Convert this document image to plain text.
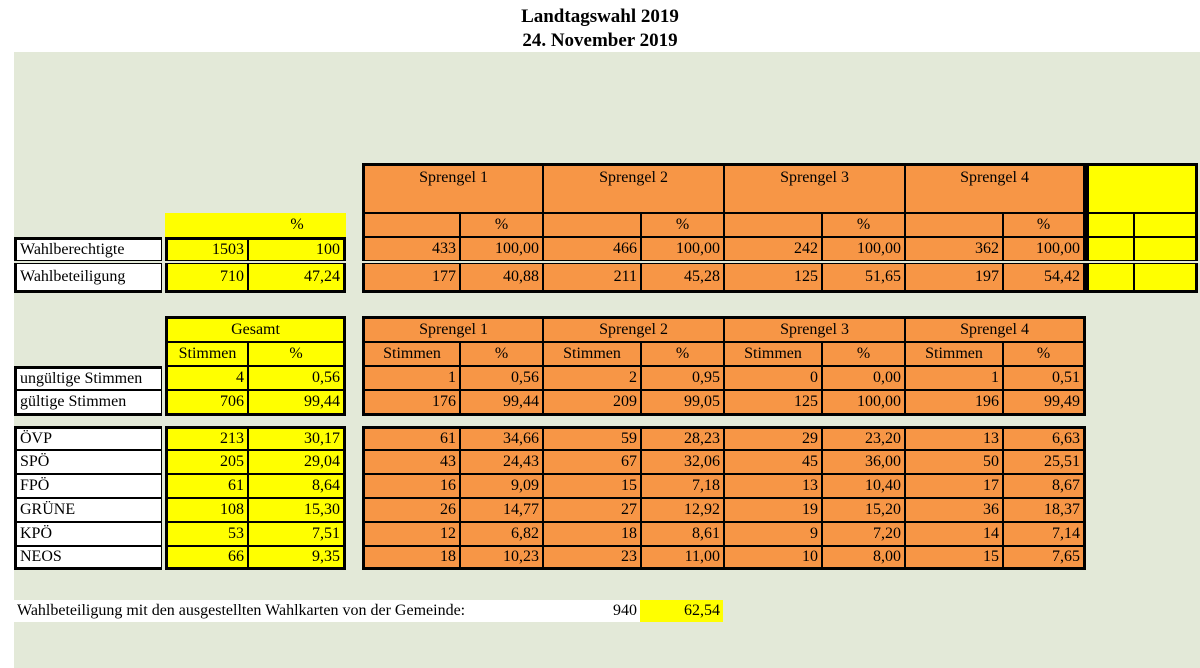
Landtagswahl 2019
24. November 2019
Sprengel 1	Sprengel 2	Sprengel 3	Sprengel 4
%	%	%	%	%
Wahlberechtigte	1503	100	433	100,00	466	100,00	242	100,00	362	100,00
Wahlbeteiligung	710	47,24	177	40,88	211	45,28	125	51,65	197	54,42
Gesamt	Sprengel 1	Sprengel 2	Sprengel 3	Sprengel 4
Stimmen	%	Stimmen	%	Stimmen	%	Stimmen	%	Stimmen	%
ungültige Stimmen	4	0,56	1	0,56	2	0,95	0	0,00	1	0,51
gültige Stimmen	706	99,44	176	99,44	209	99,05	125	100,00	196	99,49
ÖVP	213	30,17	61	34,66	59	28,23	29	23,20	13	6,63
SPÖ	205	29,04	43	24,43	67	32,06	45	36,00	50	25,51
FPÖ	61	8,64	16	9,09	15	7,18	13	10,40	17	8,67
GRÜNE	108	15,30	26	14,77	27	12,92	19	15,20	36	18,37
KPÖ	53	7,51	12	6,82	18	8,61	9	7,20	14	7,14
NEOS	66	9,35	18	10,23	23	11,00	10	8,00	15	7,65
Wahlbeteiligung mit den ausgestellten Wahlkarten von der Gemeinde:	940	62,54
